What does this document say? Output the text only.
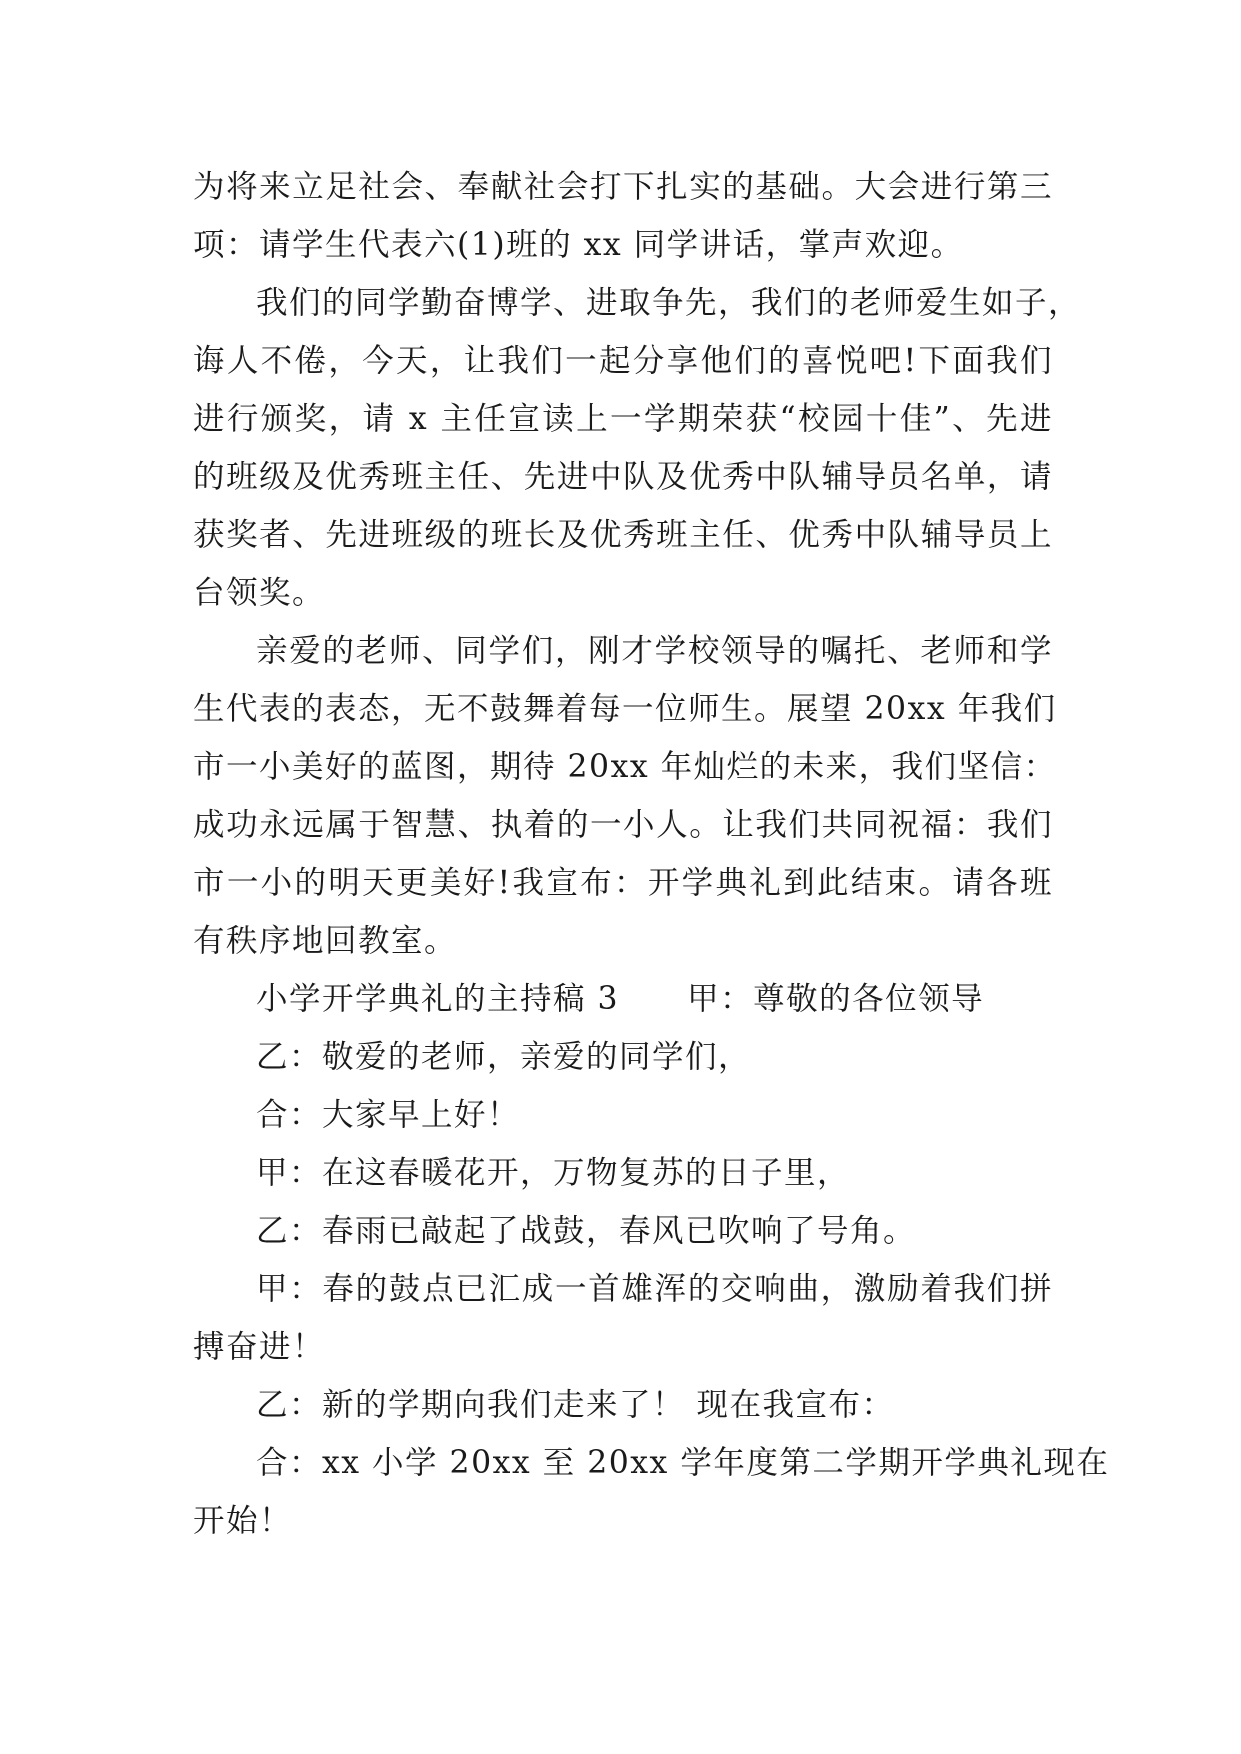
为将来立足社会、奉献社会打下扎实的基础。大会进行第三
项：请学生代表六(1)班的 xx 同学讲话，掌声欢迎。
我们的同学勤奋博学、进取争先，我们的老师爱生如子，
诲人不倦，今天，让我们一起分享他们的喜悦吧!下面我们
进行颁奖，请 x 主任宣读上一学期荣获“校园十佳”、先进
的班级及优秀班主任、先进中队及优秀中队辅导员名单，请
获奖者、先进班级的班长及优秀班主任、优秀中队辅导员上
台领奖。
亲爱的老师、同学们，刚才学校领导的嘱托、老师和学
生代表的表态，无不鼓舞着每一位师生。展望 20xx 年我们
市一小美好的蓝图，期待 20xx 年灿烂的未来，我们坚信：
成功永远属于智慧、执着的一小人。让我们共同祝福：我们
市一小的明天更美好!我宣布：开学典礼到此结束。请各班
有秩序地回教室。
小学开学典礼的主持稿 3 甲：尊敬的各位领导
乙：敬爱的老师，亲爱的同学们，
合：大家早上好！
甲：在这春暖花开，万物复苏的日子里，
乙：春雨已敲起了战鼓，春风已吹响了号角。
甲：春的鼓点已汇成一首雄浑的交响曲，激励着我们拼
搏奋进！
乙：新的学期向我们走来了！ 现在我宣布：
合：xx 小学 20xx 至 20xx 学年度第二学期开学典礼现在
开始！
